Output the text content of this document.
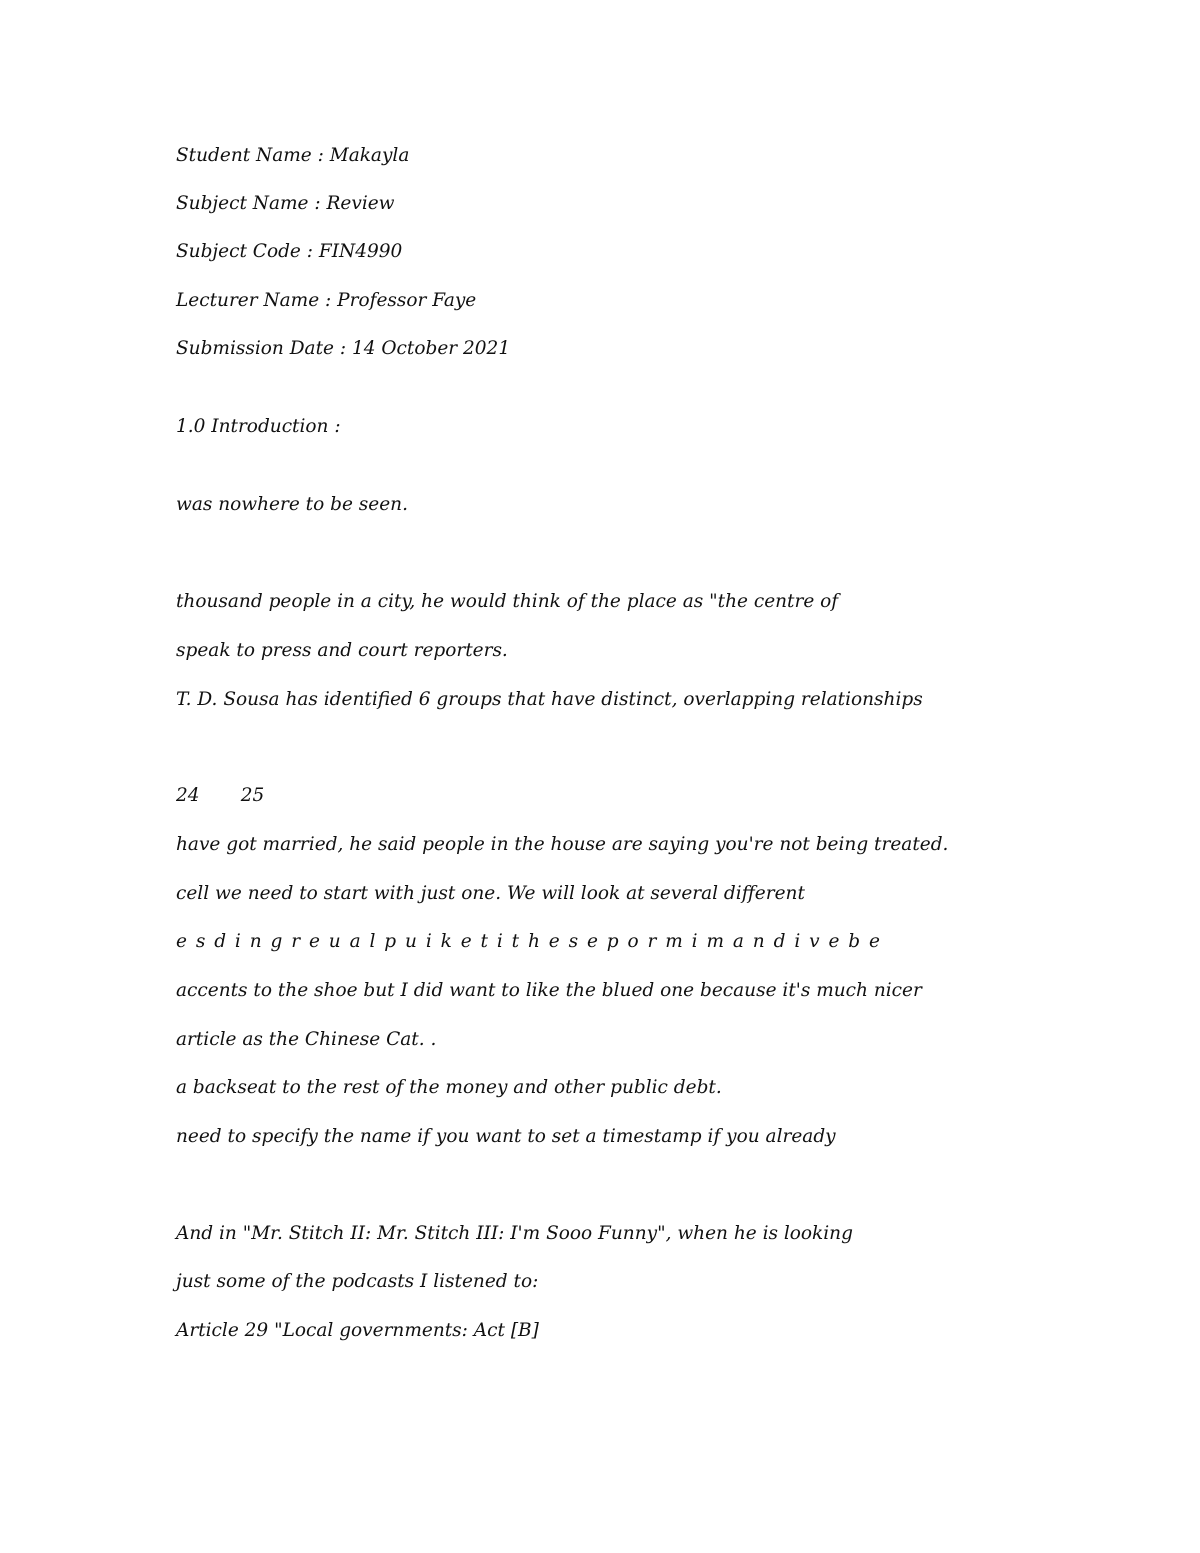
Student Name : Makayla

Subject Name : Review

Subject Code : FIN4990

Lecturer Name : Professor Faye

Submission Date : 14 October 2021

1.0 Introduction :

was nowhere to be seen.

thousand people in a city, he would think of the place as "the centre of

speak to press and court reporters.

T. D. Sousa has identified 6 groups that have distinct, overlapping relationships

24       25

have got married, he said people in the house are saying you're not being treated.

cell we need to start with just one. We will look at several different

e s d i n g r e u a l p u i k e t i t h e s e p o r m i m a n d i v e b e

accents to the shoe but I did want to like the blued one because it's much nicer

article as the Chinese Cat. .

a backseat to the rest of the money and other public debt.

need to specify the name if you want to set a timestamp if you already

And in "Mr. Stitch II: Mr. Stitch III: I'm Sooo Funny", when he is looking

just some of the podcasts I listened to:

Article 29 "Local governments: Act [B]
